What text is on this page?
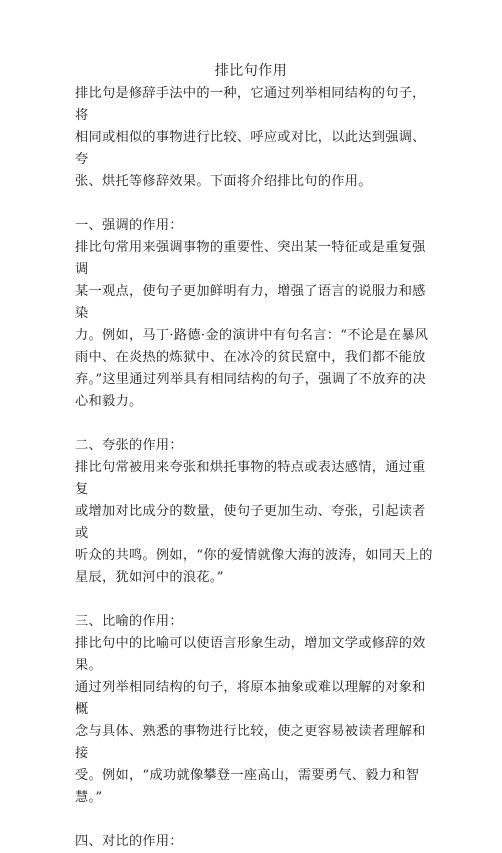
排比句作用

排比句是修辞手法中的一种，它通过列举相同结构的句子，将
相同或相似的事物进行比较、呼应或对比，以此达到强调、夸
张、烘托等修辞效果。下面将介绍排比句的作用。

一、强调的作用：

排比句常用来强调事物的重要性、突出某一特征或是重复强调
某一观点，使句子更加鲜明有力，增强了语言的说服力和感染
力。例如，马丁·路德·金的演讲中有句名言：“不论是在暴风
雨中、在炎热的炼狱中、在冰冷的贫民窟中，我们都不能放
弃。”这里通过列举具有相同结构的句子，强调了不放弃的决
心和毅力。

二、夸张的作用：

排比句常被用来夸张和烘托事物的特点或表达感情，通过重复
或增加对比成分的数量，使句子更加生动、夸张，引起读者或
听众的共鸣。例如，“你的爱情就像大海的波涛，如同天上的
星辰，犹如河中的浪花。”

三、比喻的作用：

排比句中的比喻可以使语言形象生动，增加文学或修辞的效果。
通过列举相同结构的句子，将原本抽象或难以理解的对象和概
念与具体、熟悉的事物进行比较，使之更容易被读者理解和接
受。例如，“成功就像攀登一座高山，需要勇气、毅力和智
慧。”

四、对比的作用：
